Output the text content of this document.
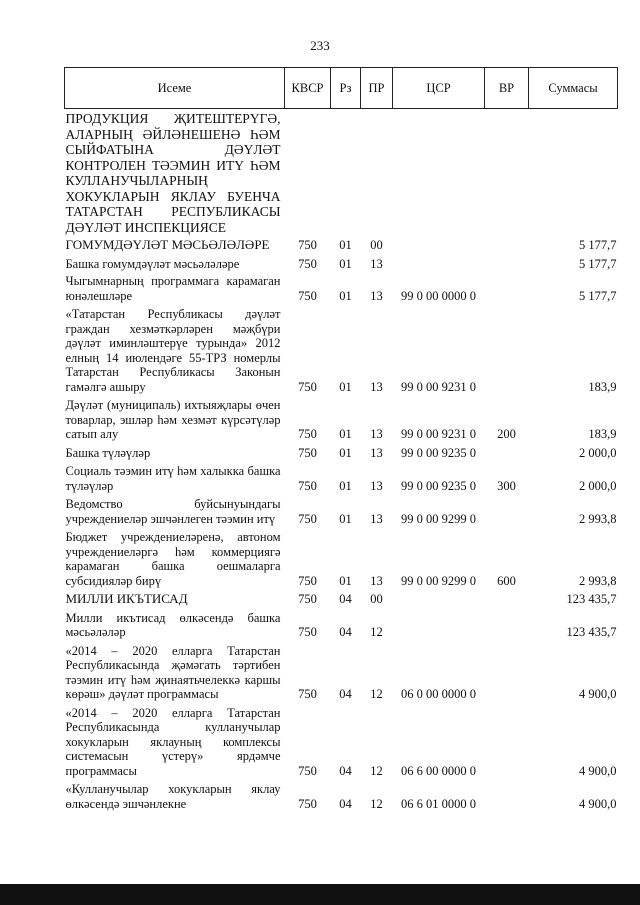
233
Исеме	КВСР	Рз	ПР	ЦСР	ВР	Суммасы
ПРОДУКЦИЯ ҖИТЕШТЕРҮГӘ, АЛАРНЫҢ ӘЙЛӘНЕШЕНӘ ҺӘМ СЫЙФАТЫНА ДӘҮЛӘТ КОНТРОЛЕН ТӘЭМИН ИТҮ ҺӘМ КУЛЛАНУЧЫЛАРНЫҢ ХОКУКЛАРЫН ЯКЛАУ БУЕНЧА ТАТАРСТАН РЕСПУБЛИКАСЫ ДӘҮЛӘТ ИНСПЕКЦИЯСЕ						
ГОМУМДӘҮЛӘТ МӘСЬӘЛӘЛӘРЕ	750	01	00			5 177,7
Башка гомумдәүләт мәсьәләләре	750	01	13			5 177,7
Чыгымнарның программага карамаган юнәлешләре	750	01	13	99 0 00 0000 0		5 177,7
«Татарстан Республикасы дәүләт граждан хезмәткәрләрен мәҗбүри дәүләт иминләштерүе турында» 2012 елның 14 июлендәге 55-ТРЗ номерлы Татарстан Республикасы Законын гамәлгә ашыру	750	01	13	99 0 00 9231 0		183,9
Дәүләт (муниципаль) ихтыяҗлары өчен товарлар, эшләр һәм хезмәт күрсәтүләр сатып алу	750	01	13	99 0 00 9231 0	200	183,9
Башка түләүләр	750	01	13	99 0 00 9235 0		2 000,0
Социаль тәэмин итү һәм халыкка башка түләүләр	750	01	13	99 0 00 9235 0	300	2 000,0
Ведомство буйсынуындагы учреждениеләр эшчәнлеген тәэмин итү	750	01	13	99 0 00 9299 0		2 993,8
Бюджет учреждениеләренә, автоном учреждениеләргә һәм коммерциягә карамаган башка оешмаларга субсидияләр бирү	750	01	13	99 0 00 9299 0	600	2 993,8
МИЛЛИ ИКЪТИСАД	750	04	00			123 435,7
Милли икътисад өлкәсендә башка мәсьәләләр	750	04	12			123 435,7
«2014 – 2020 елларга Татарстан Республикасында җәмәгать тәртибен тәэмин итү һәм җинаятьчелеккә каршы көрәш» дәүләт программасы	750	04	12	06 0 00 0000 0		4 900,0
«2014 – 2020 елларга Татарстан Республикасында кулланучылар хокукларын яклауның комплексы системасын үстерү» ярдәмче программасы	750	04	12	06 6 00 0000 0		4 900,0
«Кулланучылар хокукларын яклау өлкәсендә эшчәнлекне	750	04	12	06 6 01 0000 0		4 900,0
